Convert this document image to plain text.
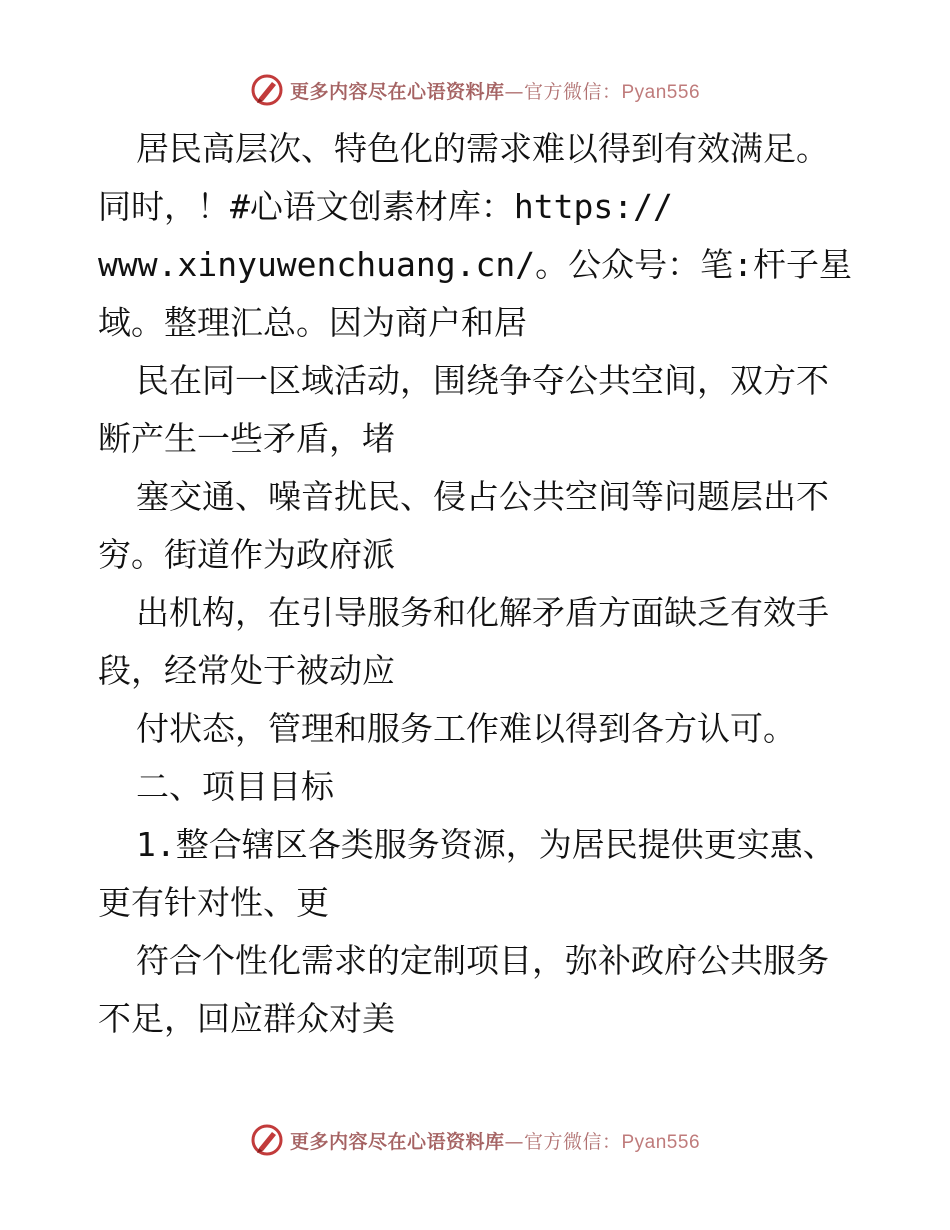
更多内容尽在心语资料库—官方微信：Pyan556
居民高层次、特色化的需求难以得到有效满足。
同时，！#心语文创素材库：https://
www.xinyuwenchuang.cn/。公众号：笔:杆子星
域。整理汇总。因为商户和居
民在同一区域活动，围绕争夺公共空间，双方不
断产生一些矛盾，堵
塞交通、噪音扰民、侵占公共空间等问题层出不
穷。街道作为政府派
出机构，在引导服务和化解矛盾方面缺乏有效手
段，经常处于被动应
付状态，管理和服务工作难以得到各方认可。
二、项目目标
1.整合辖区各类服务资源，为居民提供更实惠、
更有针对性、更
符合个性化需求的定制项目，弥补政府公共服务
不足，回应群众对美
更多内容尽在心语资料库—官方微信：Pyan556
